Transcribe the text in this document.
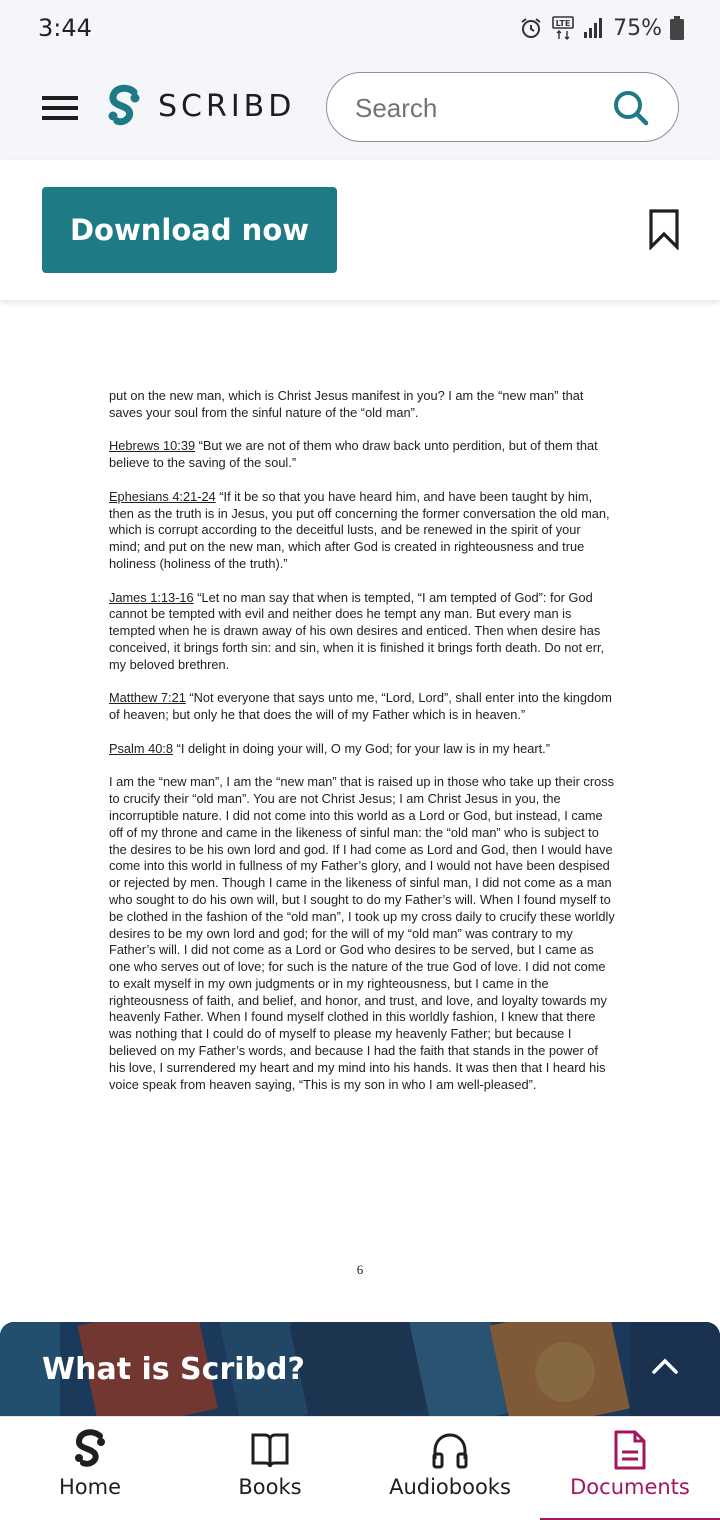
3:44	LTE 75%
SCRIBD
Search
Download now

put on the new man, which is Christ Jesus manifest in you? I am the “new man” that saves your soul from the sinful nature of the “old man”.

Hebrews 10:39 “But we are not of them who draw back unto perdition, but of them that believe to the saving of the soul.”

Ephesians 4:21-24 “If it be so that you have heard him, and have been taught by him, then as the truth is in Jesus, you put off concerning the former conversation the old man, which is corrupt according to the deceitful lusts, and be renewed in the spirit of your mind; and put on the new man, which after God is created in righteousness and true holiness (holiness of the truth).”

James 1:13-16 “Let no man say that when is tempted, “I am tempted of God”: for God cannot be tempted with evil and neither does he tempt any man. But every man is tempted when he is drawn away of his own desires and enticed. Then when desire has conceived, it brings forth sin: and sin, when it is finished it brings forth death. Do not err, my beloved brethren.

Matthew 7:21 “Not everyone that says unto me, “Lord, Lord”, shall enter into the kingdom of heaven; but only he that does the will of my Father which is in heaven.”

Psalm 40:8 “I delight in doing your will, O my God; for your law is in my heart.”

I am the “new man”, I am the “new man” that is raised up in those who take up their cross to crucify their “old man”. You are not Christ Jesus; I am Christ Jesus in you, the incorruptible nature. I did not come into this world as a Lord or God, but instead, I came off of my throne and came in the likeness of sinful man: the “old man” who is subject to the desires to be his own lord and god. If I had come as Lord and God, then I would have come into this world in fullness of my Father’s glory, and I would not have been despised or rejected by men. Though I came in the likeness of sinful man, I did not come as a man who sought to do his own will, but I sought to do my Father’s will. When I found myself to be clothed in the fashion of the “old man”, I took up my cross daily to crucify these worldly desires to be my own lord and god; for the will of my “old man” was contrary to my Father’s will. I did not come as a Lord or God who desires to be served, but I came as one who serves out of love; for such is the nature of the true God of love. I did not come to exalt myself in my own judgments or in my righteousness, but I came in the righteousness of faith, and belief, and honor, and trust, and love, and loyalty towards my heavenly Father. When I found myself clothed in this worldly fashion, I knew that there was nothing that I could do of myself to please my heavenly Father; but because I believed on my Father’s words, and because I had the faith that stands in the power of his love, I surrendered my heart and my mind into his hands. It was then that I heard his voice speak from heaven saying, “This is my son in who I am well-pleased”.

6
What is Scribd?
Home	Books	Audiobooks	Documents
